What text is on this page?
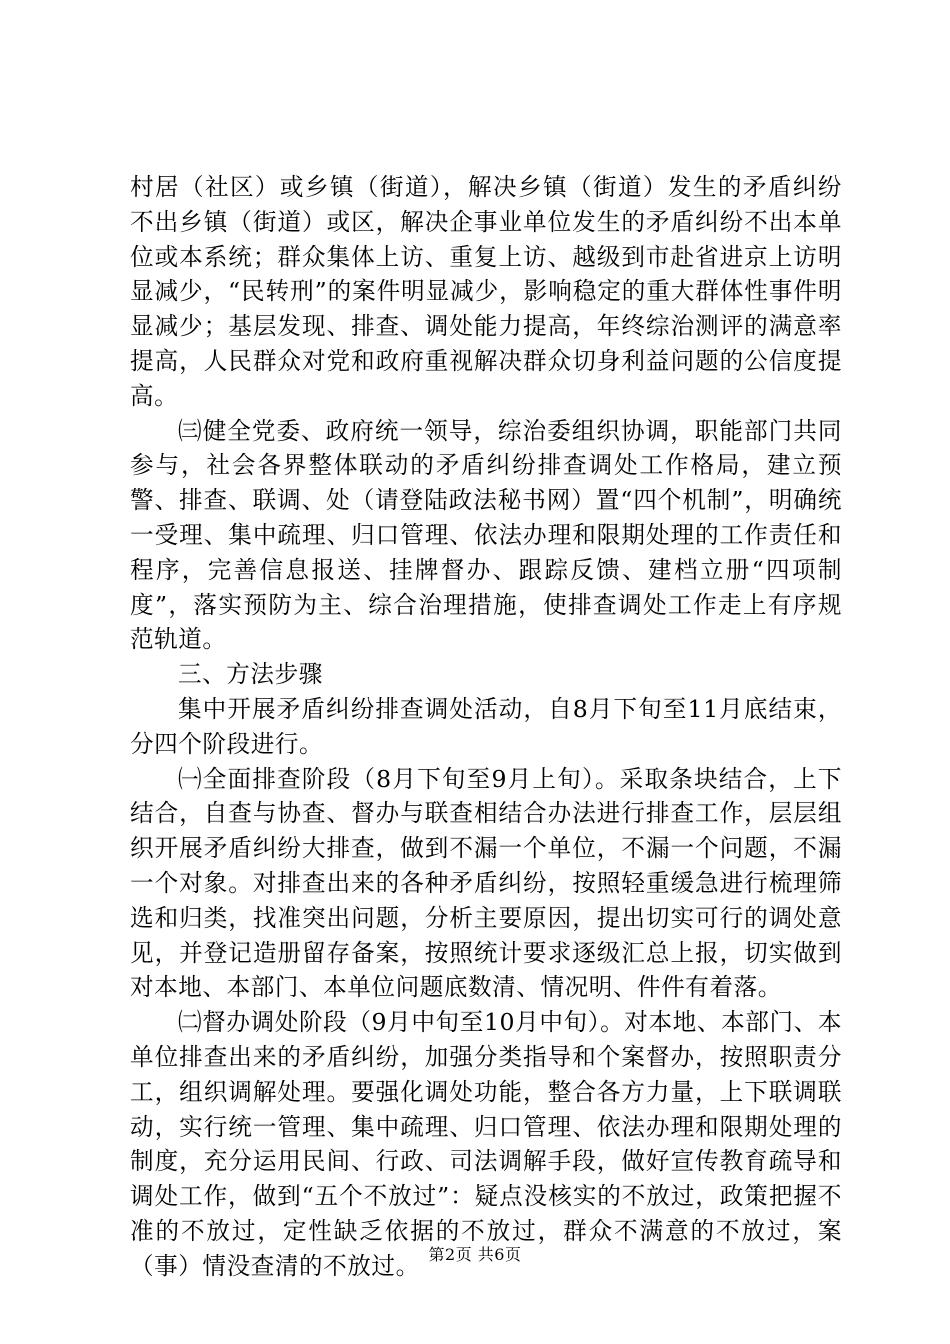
村居（社区）或乡镇（街道），解决乡镇（街道）发生的矛盾纠纷不出乡镇（街道）或区，解决企事业单位发生的矛盾纠纷不出本单位或本系统；群众集体上访、重复上访、越级到市赴省进京上访明显减少，“民转刑”的案件明显减少，影响稳定的重大群体性事件明显减少；基层发现、排查、调处能力提高，年终综治测评的满意率提高，人民群众对党和政府重视解决群众切身利益问题的公信度提高。

㈢健全党委、政府统一领导，综治委组织协调，职能部门共同参与，社会各界整体联动的矛盾纠纷排查调处工作格局，建立预警、排查、联调、处（请登陆政法秘书网）置“四个机制”，明确统一受理、集中疏理、归口管理、依法办理和限期处理的工作责任和程序，完善信息报送、挂牌督办、跟踪反馈、建档立册“四项制度”，落实预防为主、综合治理措施，使排查调处工作走上有序规范轨道。

三、方法步骤

集中开展矛盾纠纷排查调处活动，自8月下旬至11月底结束，分四个阶段进行。

㈠全面排查阶段（8月下旬至9月上旬）。采取条块结合，上下结合，自查与协查、督办与联查相结合办法进行排查工作，层层组织开展矛盾纠纷大排查，做到不漏一个单位，不漏一个问题，不漏一个对象。对排查出来的各种矛盾纠纷，按照轻重缓急进行梳理筛选和归类，找准突出问题，分析主要原因，提出切实可行的调处意见，并登记造册留存备案，按照统计要求逐级汇总上报，切实做到对本地、本部门、本单位问题底数清、情况明、件件有着落。

㈡督办调处阶段（9月中旬至10月中旬）。对本地、本部门、本单位排查出来的矛盾纠纷，加强分类指导和个案督办，按照职责分工，组织调解处理。要强化调处功能，整合各方力量，上下联调联动，实行统一管理、集中疏理、归口管理、依法办理和限期处理的制度，充分运用民间、行政、司法调解手段，做好宣传教育疏导和调处工作，做到“五个不放过”：疑点没核实的不放过，政策把握不准的不放过，定性缺乏依据的不放过，群众不满意的不放过，案（事）情没查清的不放过。 第2页 共6页
